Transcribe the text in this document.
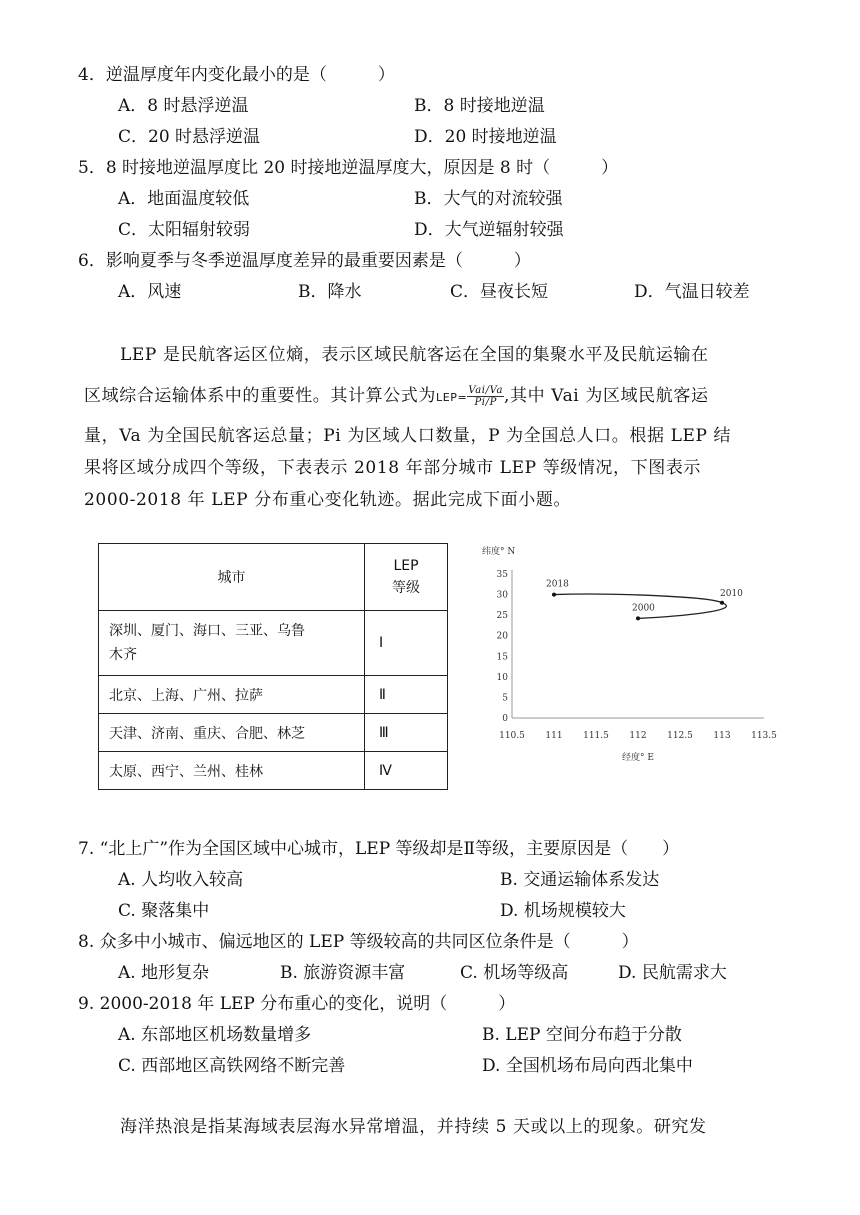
4．逆温厚度年内变化最小的是（　　　）
A．8 时悬浮逆温	B．8 时接地逆温
C．20 时悬浮逆温	D．20 时接地逆温
5．8 时接地逆温厚度比 20 时接地逆温厚度大，原因是 8 时（　　　）
A．地面温度较低	B．大气的对流较强
C．太阳辐射较弱	D．大气逆辐射较强
6．影响夏季与冬季逆温厚度差异的最重要因素是（　　　）
A．风速	B．降水	C．昼夜长短	D．气温日较差
LEP 是民航客运区位熵，表示区域民航客运在全国的集聚水平及民航运输在
区域综合运输体系中的重要性。其计算公式为$LEP= \frac{\text{Vai/Va}}{Pi/P}$ ,其中 Vai 为区域民航客运
量，Va 为全国民航客运总量；Pi 为区域人口数量，P 为全国总人口。根据 LEP 结
果将区域分成四个等级，下表表示 2018 年部分城市 LEP 等级情况，下图表示
2000-2018 年 LEP 分布重心变化轨迹。据此完成下面小题。
城市	LEP
等级

深圳、厦门、海口、三亚、乌鲁
木齐	Ⅰ
北京、上海、广州、拉萨	Ⅱ
天津、济南、重庆、合肥、林芝	Ⅲ
太原、西宁、兰州、桂林	Ⅳ
0
5
10
15
20
25
30
35
110.5 111 111.5 112 112.5 113 113.5
纬度° N
经度° E
2000
2010
2018
7. “北上广”作为全国区域中心城市，LEP 等级却是Ⅱ等级，主要原因是（　　）
A. 人均收入较高	B. 交通运输体系发达
C. 聚落集中	D. 机场规模较大
8. 众多中小城市、偏远地区的 LEP 等级较高的共同区位条件是（　　　）
A. 地形复杂	B. 旅游资源丰富	C. 机场等级高	D. 民航需求大
9. 2000-2018 年 LEP 分布重心的变化，说明（　　　）
A. 东部地区机场数量增多	B. LEP 空间分布趋于分散
C. 西部地区高铁网络不断完善	D. 全国机场布局向西北集中
海洋热浪是指某海域表层海水异常增温，并持续 5 天或以上的现象。研究发
